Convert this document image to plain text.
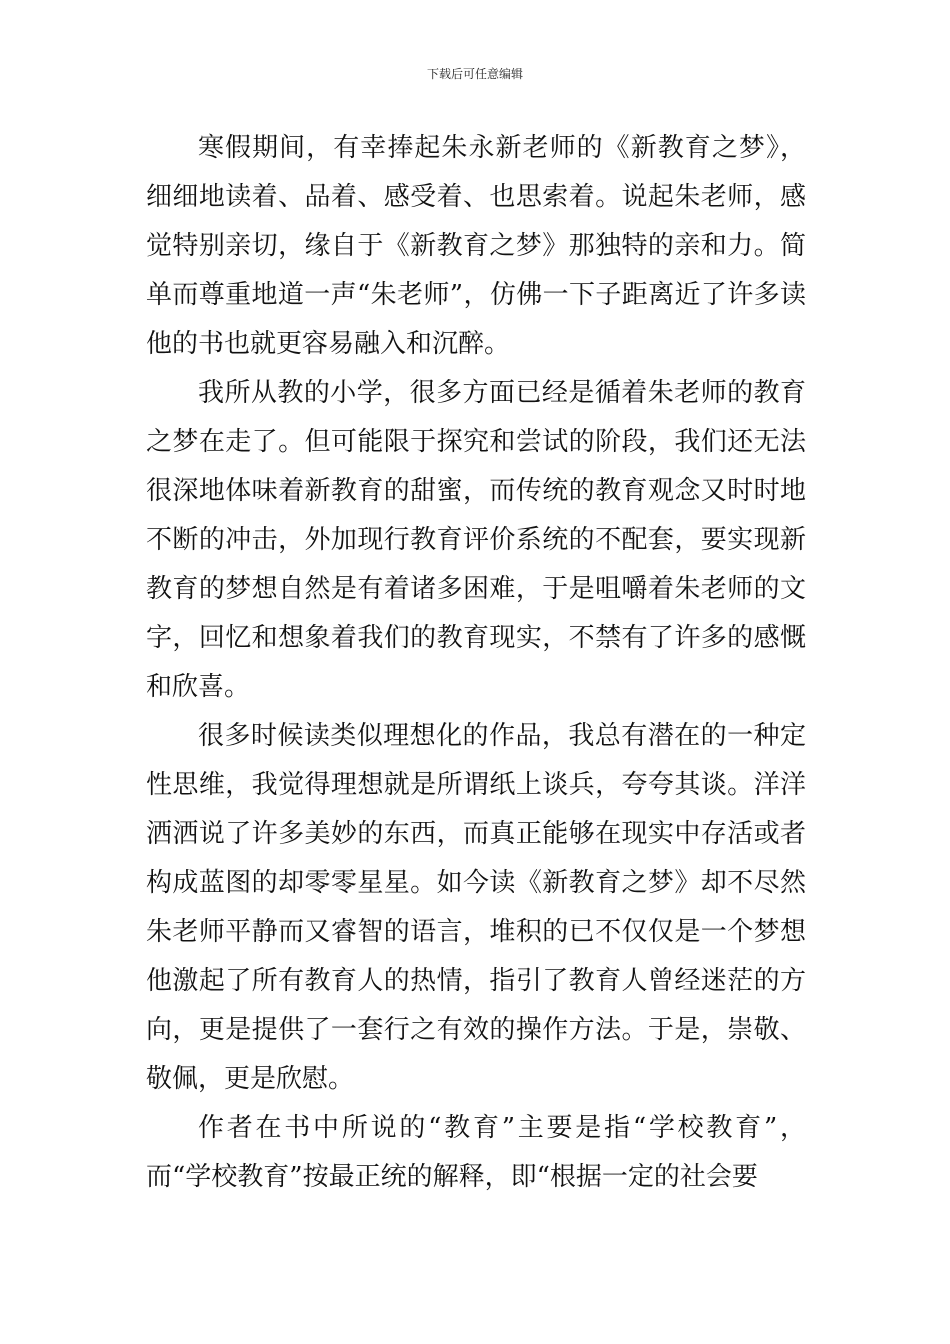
下载后可任意编辑

寒假期间，有幸捧起朱永新老师的《新教育之梦》，细细地读着、品着、感受着、也思索着。说起朱老师，感觉特别亲切，缘自于《新教育之梦》那独特的亲和力。简单而尊重地道一声“朱老师”，仿佛一下子距离近了许多读他的书也就更容易融入和沉醉。

我所从教的小学，很多方面已经是循着朱老师的教育之梦在走了。但可能限于探究和尝试的阶段，我们还无法很深地体味着新教育的甜蜜，而传统的教育观念又时时地不断的冲击，外加现行教育评价系统的不配套，要实现新教育的梦想自然是有着诸多困难，于是咀嚼着朱老师的文字，回忆和想象着我们的教育现实，不禁有了许多的感慨和欣喜。

很多时候读类似理想化的作品，我总有潜在的一种定性思维，我觉得理想就是所谓纸上谈兵，夸夸其谈。洋洋洒洒说了许多美妙的东西，而真正能够在现实中存活或者构成蓝图的却零零星星。如今读《新教育之梦》却不尽然朱老师平静而又睿智的语言，堆积的已不仅仅是一个梦想他激起了所有教育人的热情，指引了教育人曾经迷茫的方向，更是提供了一套行之有效的操作方法。于是，崇敬、敬佩，更是欣慰。

作者在书中所说的“教育”主要是指“学校教育”，而“学校教育”按最正统的解释，即“根据一定的社会要
